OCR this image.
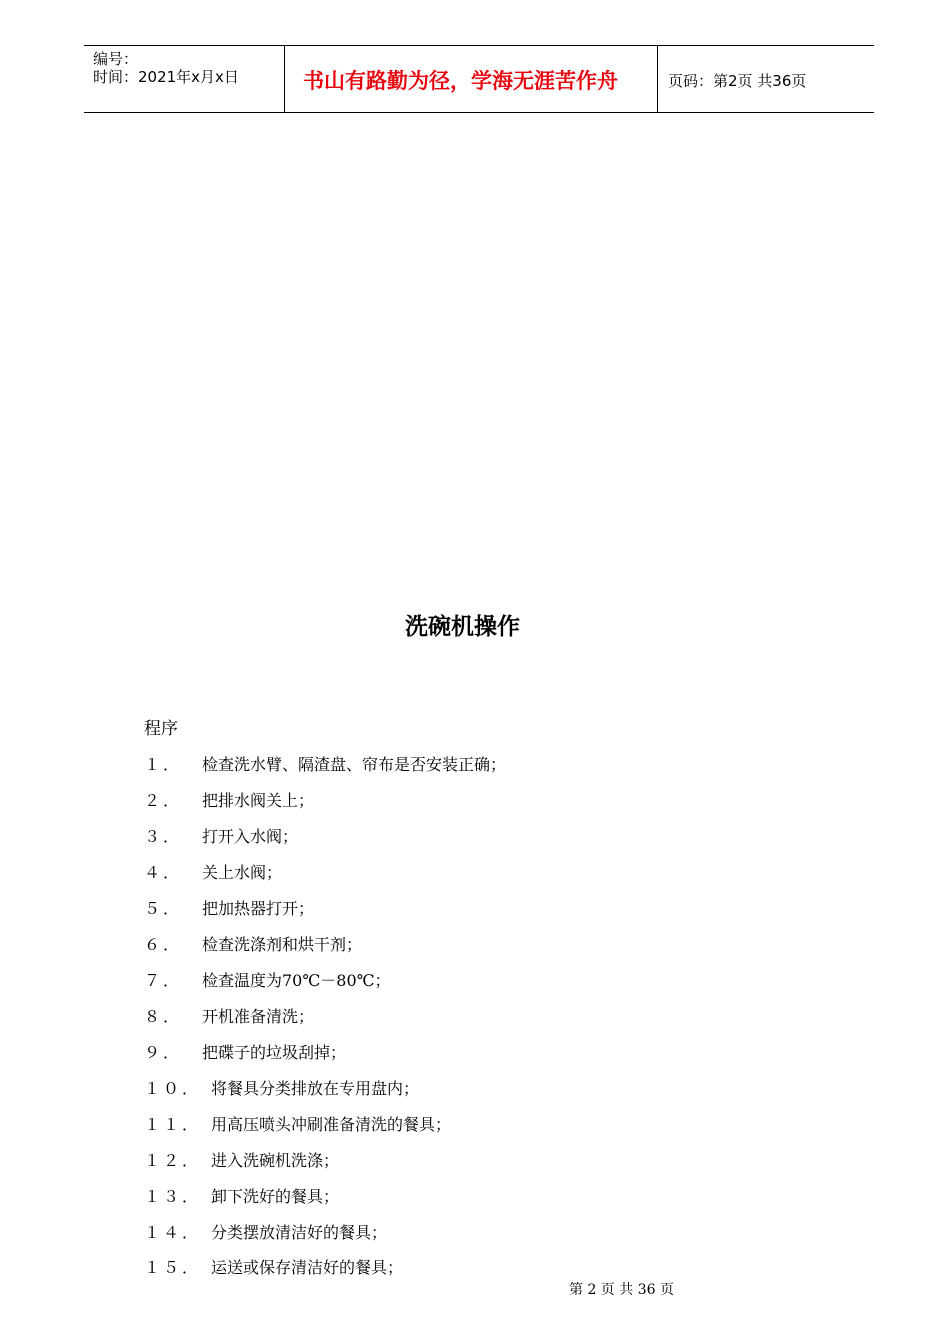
编号：
时间：2021年x月x日	书山有路勤为径，学海无涯苦作舟	页码：第2页 共36页
洗碗机操作
程序
１． 检查洗水臂、隔渣盘、帘布是否安装正确；
２． 把排水阀关上；
３． 打开入水阀；
４． 关上水阀；
５． 把加热器打开；
６． 检查洗涤剂和烘干剂；
７． 检查温度为70℃－80℃；
８． 开机准备清洗；
９． 把碟子的垃圾刮掉；
１０． 将餐具分类排放在专用盘内；
１１． 用高压喷头冲刷准备清洗的餐具；
１２． 进入洗碗机洗涤；
１３． 卸下洗好的餐具；
１４． 分类摆放清洁好的餐具；
１５． 运送或保存清洁好的餐具；
第 2 页 共 36 页
